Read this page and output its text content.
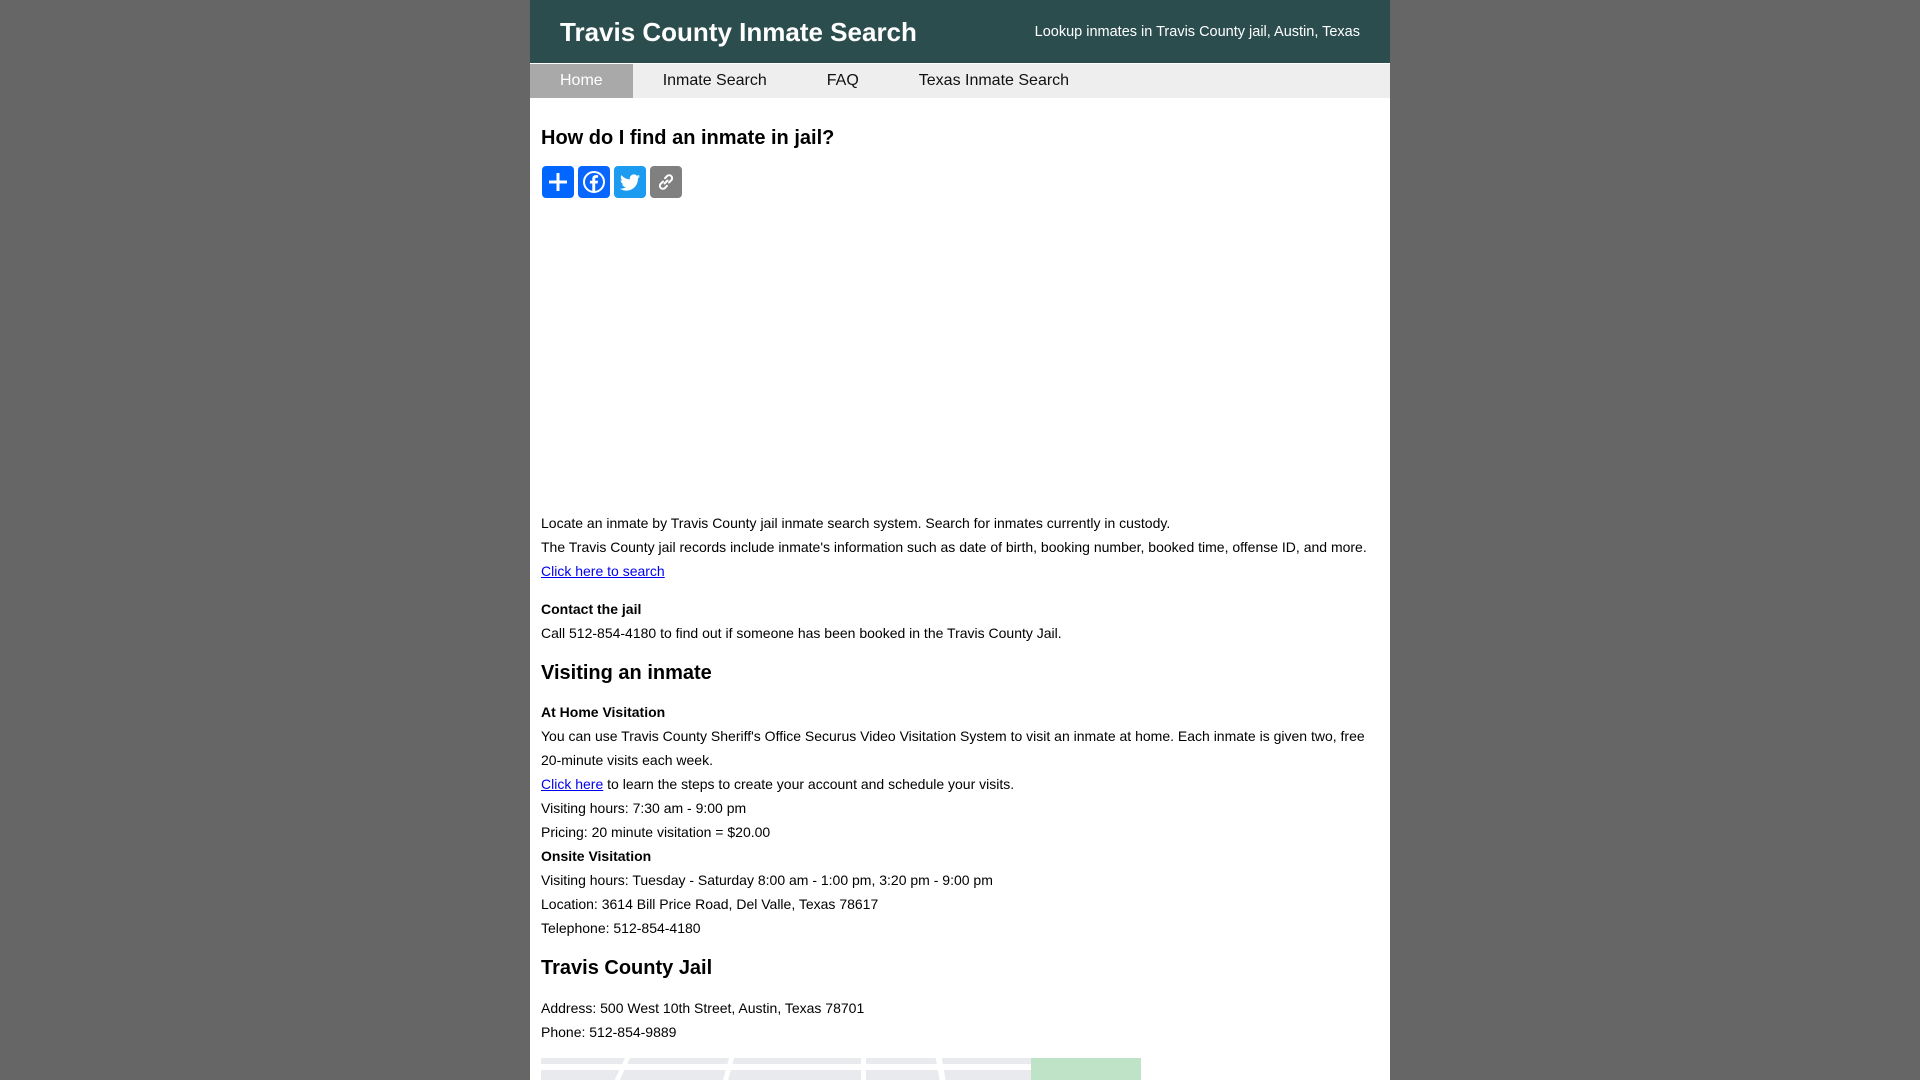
Travis County Inmate Search	Lookup inmates in Travis County jail, Austin, Texas
Home	Inmate Search	FAQ	Texas Inmate Search
How do I find an inmate in jail?

Locate an inmate by Travis County jail inmate search system. Search for inmates currently in custody.

The Travis County jail records include inmate's information such as date of birth, booking number, booked time, offense ID, and more.

Click here to search

Contact the jail

Call 512-854-4180 to find out if someone has been booked in the Travis County Jail.

Visiting an inmate

At Home Visitation

You can use Travis County Sheriff's Office Securus Video Visitation System to visit an inmate at home. Each inmate is given two, free 20-minute visits each week.

Click here to learn the steps to create your account and schedule your visits.

Visiting hours: 7:30 am - 9:00 pm

Pricing: 20 minute visitation = $20.00

Onsite Visitation

Visiting hours: Tuesday - Saturday 8:00 am - 1:00 pm, 3:20 pm - 9:00 pm

Location: 3614 Bill Price Road, Del Valle, Texas 78617

Telephone: 512-854-4180

Travis County Jail

Address: 500 West 10th Street, Austin, Texas 78701

Phone: 512-854-9889
